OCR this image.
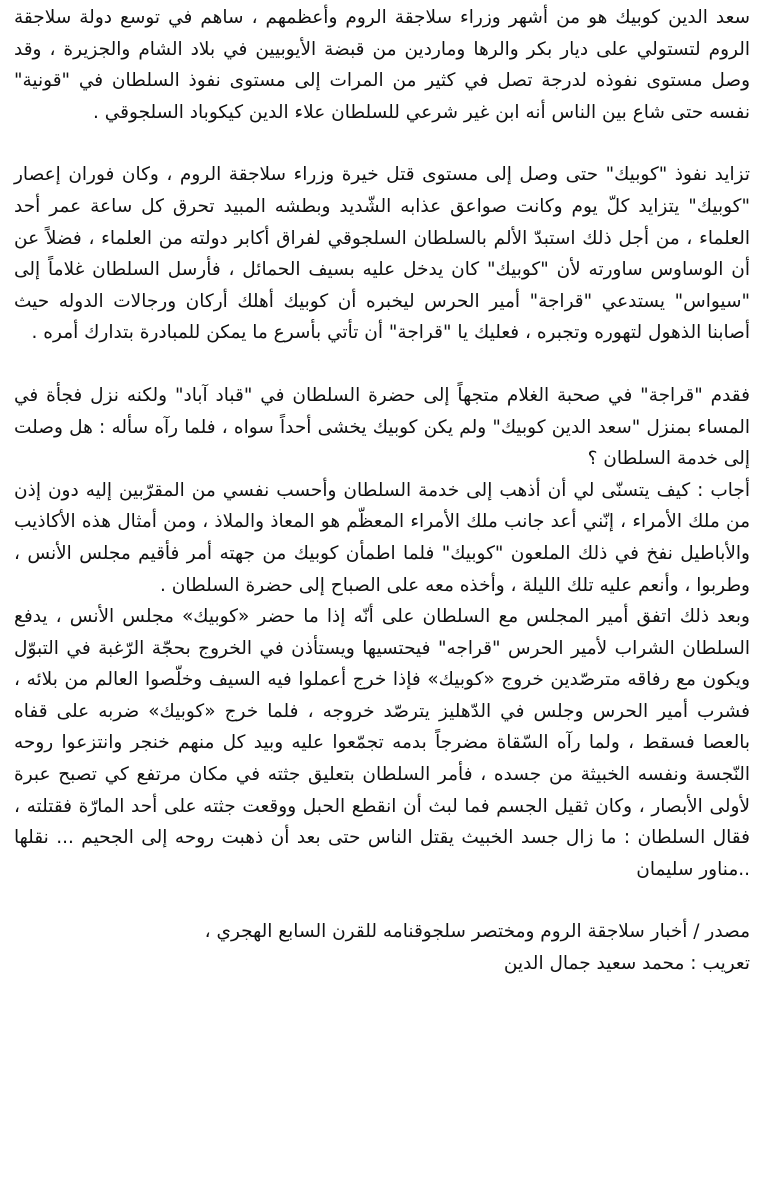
سعد الدين كوبيك هو من أشهر وزراء سلاجقة الروم وأعظمهم ، ساهم في توسع دولة سلاجقة الروم لتستولي على ديار بكر والرها وماردين من قبضة الأيوبيين في بلاد الشام والجزيرة ، وقد وصل مستوى نفوذه لدرجة تصل في كثير من المرات إلى مستوى نفوذ السلطان في "قونية" نفسه حتى شاع بين الناس أنه ابن غير شرعي للسلطان علاء الدين كيكوباد السلجوقي .

تزايد نفوذ "كوبيك" حتى وصل إلى مستوى قتل خيرة وزراء سلاجقة الروم ، وكان فوران إعصار "كوبيك" يتزايد كلّ يوم وكانت صواعق عذابه الشّديد وبطشه المبيد تحرق كل ساعة عمر أحد العلماء ، من أجل ذلك استبدّ الألم بالسلطان السلجوقي لفراق أكابر دولته من العلماء ، فضلاً عن أن الوساوس ساورته لأن "كوبيك" كان يدخل عليه بسيف الحمائل ، فأرسل السلطان غلاماً إلى "سيواس" يستدعي "قراجة" أمير الحرس ليخبره أن كوبيك أهلك أركان ورجالات الدوله حيث أصابنا الذهول لتهوره وتجبره ، فعليك يا "قراجة" أن تأتي بأسرع ما يمكن للمبادرة بتدارك أمره .

فقدم "قراجة" في صحبة الغلام متجهاً إلى حضرة السلطان في "قباد آباد" ولكنه نزل فجأة في المساء بمنزل "سعد الدين كوبيك" ولم يكن كوبيك يخشى أحداً سواه ، فلما رآه سأله : هل وصلت إلى خدمة السلطان ؟

أجاب : كيف يتسنّى لي أن أذهب إلى خدمة السلطان وأحسب نفسي من المقرّبين إليه دون إذن من ملك الأمراء ، إنّني أعد جانب ملك الأمراء المعظّم هو المعاذ والملاذ ، ومن أمثال هذه الأكاذيب والأباطيل نفخ في ذلك الملعون "كوبيك" فلما اطمأن كوبيك من جهته أمر فأقيم مجلس الأنس ، وطربوا ، وأنعم عليه تلك الليلة ، وأخذه معه على الصباح إلى حضرة السلطان .

وبعد ذلك اتفق أمير المجلس مع السلطان على أنّه إذا ما حضر «كوبيك» مجلس الأنس ، يدفع السلطان الشراب لأمير الحرس "قراجه" فيحتسيها ويستأذن في الخروج بحجّة الرّغبة في التبوّل ويكون مع رفاقه مترصّدين خروج «كوبيك» فإذا خرج أعملوا فيه السيف وخلّصوا العالم من بلائه ، فشرب أمير الحرس وجلس في الدّهليز يترصّد خروجه ، فلما خرج «كوبيك» ضربه على قفاه بالعصا فسقط ، ولما رآه السّقاة مضرجاً بدمه تجمّعوا عليه وبيد كل منهم خنجر وانتزعوا روحه النّجسة ونفسه الخبيثة من جسده ، فأمر السلطان بتعليق جثته في مكان مرتفع كي تصبح عبرة لأولى الأبصار ، وكان ثقيل الجسم فما لبث أن انقطع الحبل ووقعت جثته على أحد المارّة فقتلته ، فقال السلطان : ما زال جسد الخبيث يقتل الناس حتى بعد أن ذهبت روحه إلى الجحيم ... نقلها ..مناور سليمان

مصدر / أخبار سلاجقة الروم ومختصر سلجوقنامه للقرن السابع الهجري ،

تعريب : محمد سعيد جمال الدين
